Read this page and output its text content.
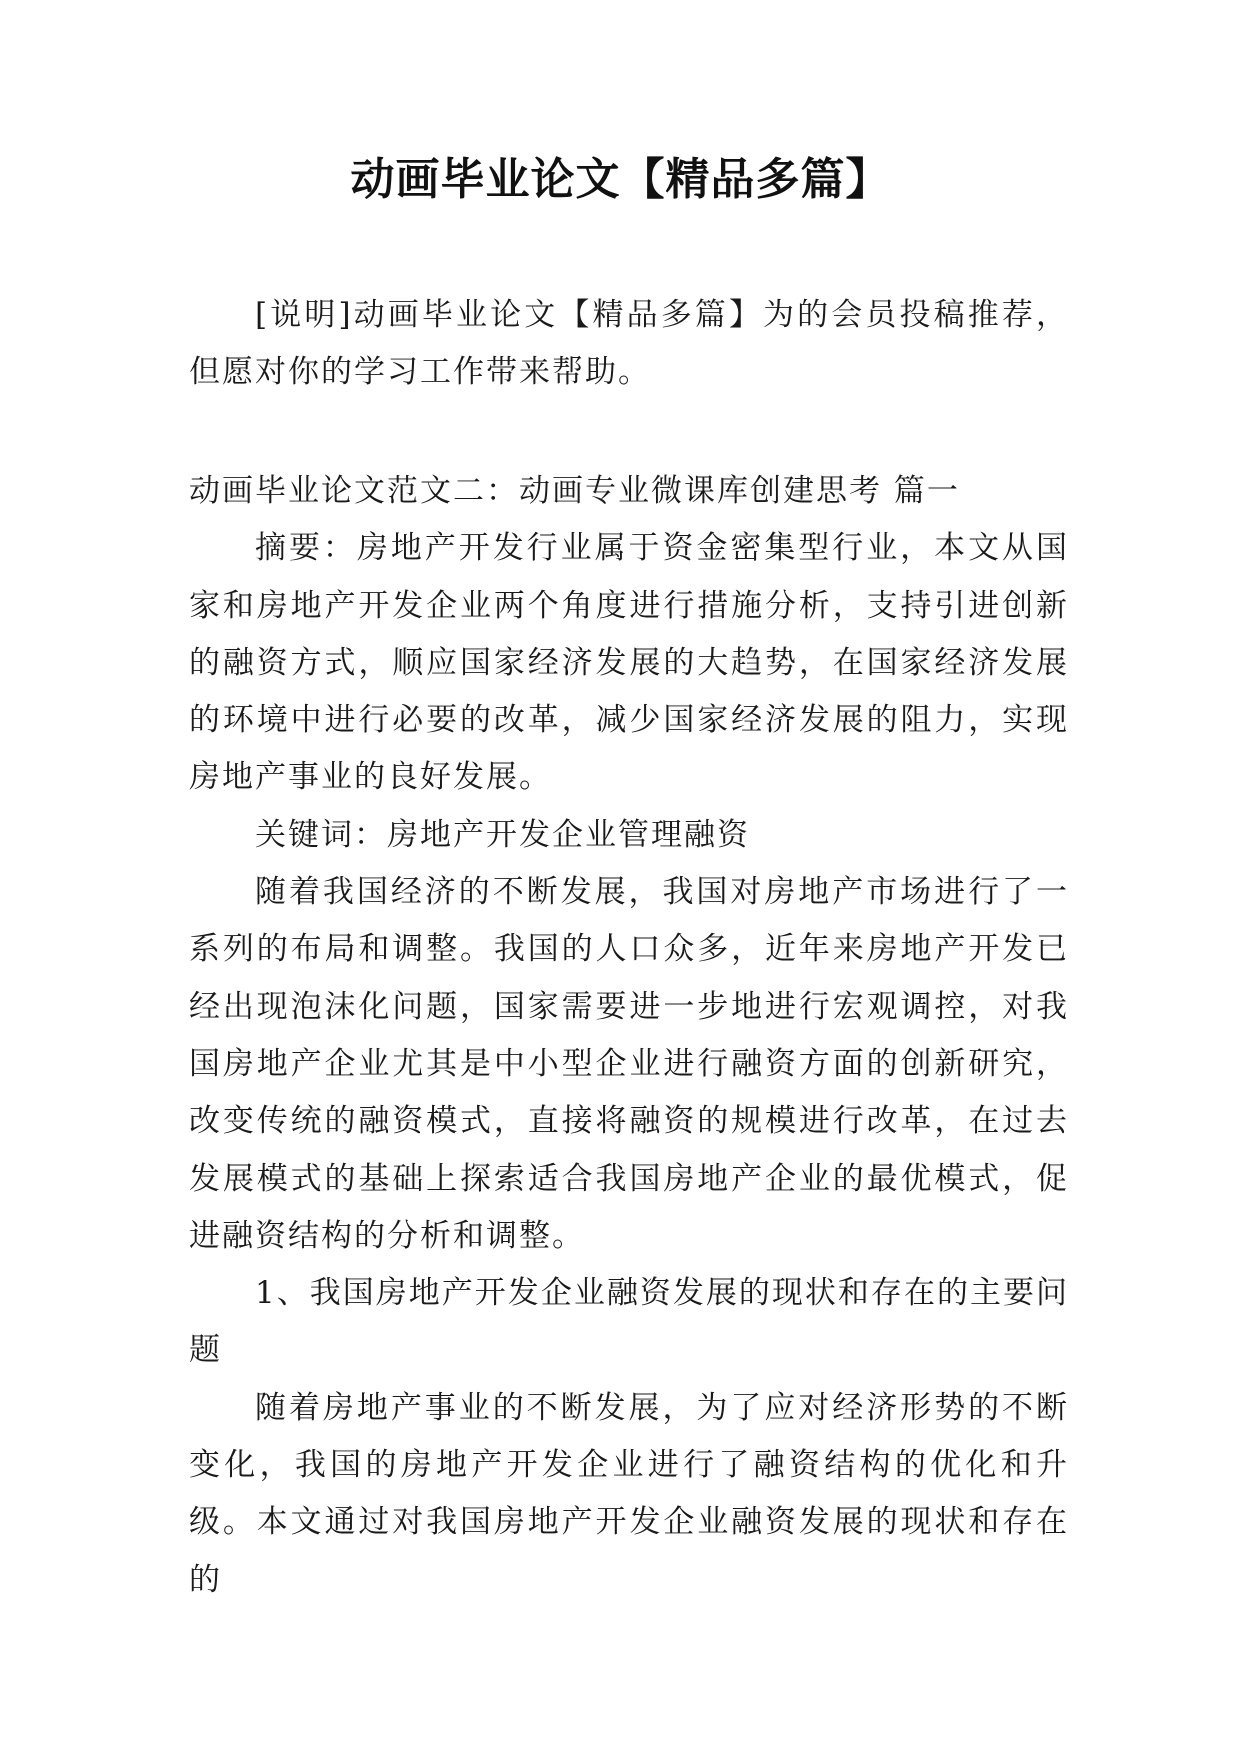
动画毕业论文【精品多篇】

[说明]动画毕业论文【精品多篇】为的会员投稿推荐，但愿对你的学习工作带来帮助。

动画毕业论文范文二：动画专业微课库创建思考 篇一

摘要：房地产开发行业属于资金密集型行业，本文从国家和房地产开发企业两个角度进行措施分析，支持引进创新的融资方式，顺应国家经济发展的大趋势，在国家经济发展的环境中进行必要的改革，减少国家经济发展的阻力，实现房地产事业的良好发展。

关键词：房地产开发企业管理融资

随着我国经济的不断发展，我国对房地产市场进行了一系列的布局和调整。我国的人口众多，近年来房地产开发已经出现泡沫化问题，国家需要进一步地进行宏观调控，对我国房地产企业尤其是中小型企业进行融资方面的创新研究，改变传统的融资模式，直接将融资的规模进行改革，在过去发展模式的基础上探索适合我国房地产企业的最优模式，促进融资结构的分析和调整。

1、我国房地产开发企业融资发展的现状和存在的主要问题

随着房地产事业的不断发展，为了应对经济形势的不断变化，我国的房地产开发企业进行了融资结构的优化和升级。本文通过对我国房地产开发企业融资发展的现状和存在的
